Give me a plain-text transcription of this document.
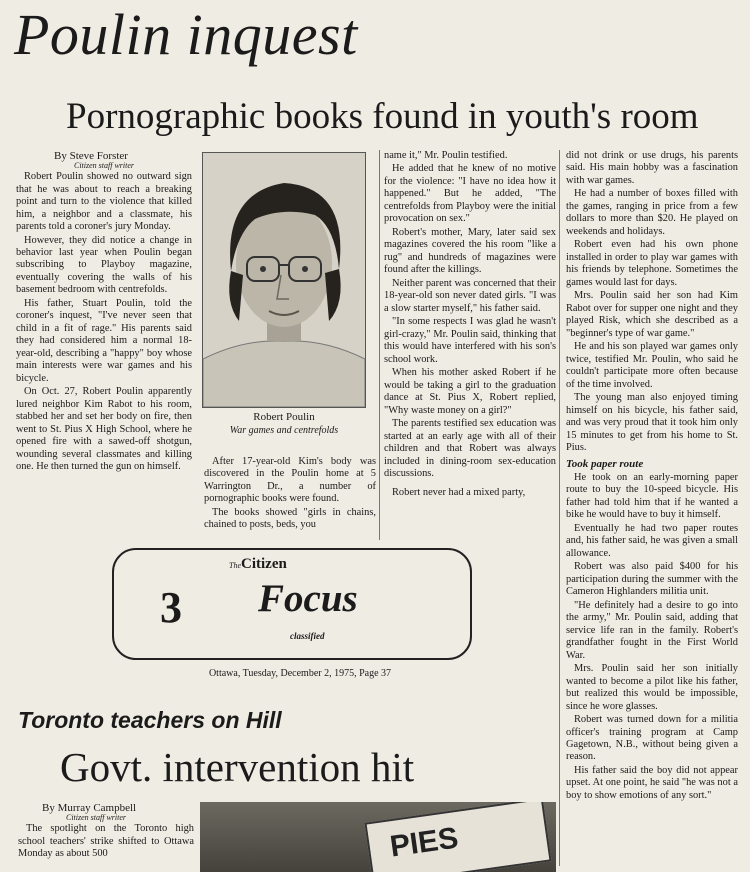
Poulin inquest
Pornographic books found in youth's room
By Steve Forster
Citizen staff writer

Robert Poulin showed no outward sign that he was about to reach a breaking point and turn to the violence that killed him, a neighbor and a classmate, his parents told a coroner's jury Monday.

However, they did notice a change in behavior last year when Poulin began subscribing to Playboy magazine, eventually covering the walls of his basement bedroom with centrefolds.

His father, Stuart Poulin, told the coroner's inquest, "I've never seen that child in a fit of rage." His parents said they had considered him a normal 18-year-old, describing a "happy" boy whose main interests were war games and his bicycle.

On Oct. 27, Robert Poulin apparently lured neighbor Kim Rabot to his room, stabbed her and set her body on fire, then went to St. Pius X High School, where he opened fire with a sawed-off shotgun, wounding several classmates and killing one. He then turned the gun on himself.

Robert Poulin
War games and centrefolds

After 17-year-old Kim's body was discovered in the Poulin home at 5 Warrington Dr., a number of pornographic books were found.

The books showed "girls in chains, chained to posts, beds, you

name it," Mr. Poulin testified.

He added that he knew of no motive for the violence: "I have no idea how it happened." But he added, "The centrefolds from Playboy were the initial provocation on sex."

Robert's mother, Mary, later said sex magazines covered the his room "like a rug" and hundreds of magazines were found after the killings.

Neither parent was concerned that their 18-year-old son never dated girls. "I was a slow starter myself," his father said.

"In some respects I was glad he wasn't girl-crazy," Mr. Poulin said, thinking that this would have interfered with his son's school work.

When his mother asked Robert if he would be taking a girl to the graduation dance at St. Pius X, Robert replied, "Why waste money on a girl?"

The parents testified sex education was started at an early age with all of their children and that Robert was always included in dining-room sex-education discussions.

Robert never had a mixed party,

did not drink or use drugs, his parents said. His main hobby was a fascination with war games.

He had a number of boxes filled with the games, ranging in price from a few dollars to more than $20. He played on weekends and holidays.

Robert even had his own phone installed in order to play war games with his friends by telephone. Sometimes the games would last for days.

Mrs. Poulin said her son had Kim Rabot over for supper one night and they played Risk, which she described as a "beginner's type of war game."

He and his son played war games only twice, testified Mr. Poulin, who said he couldn't participate more often because of the time involved.

The young man also enjoyed timing himself on his bicycle, his father said, and was very proud that it took him only 15 minutes to get from his home to St. Pius.

Took paper route

He took on an early-morning paper route to buy the 10-speed bicycle. His father had told him that if he wanted a bike he would have to buy it himself.

Eventually he had two paper routes and, his father said, he was given a small allowance.

Robert was also paid $400 for his participation during the summer with the Cameron Highlanders militia unit.

"He definitely had a desire to go into the army," Mr. Poulin said, adding that service life ran in the family. Robert's grandfather fought in the First World War.

Mrs. Poulin said her son initially wanted to become a pilot like his father, but realized this would be impossible, since he wore glasses.

Robert was turned down for a militia officer's training program at Camp Gagetown, N.B., without being given a reason.

His father said the boy did not appear upset. At one point, he said "he was not a boy to show emotions of any sort."

3
TheCitizen
Focus
classified
Ottawa, Tuesday, December 2, 1975, Page 37
Toronto teachers on Hill
Govt. intervention hit
By Murray Campbell
Citizen staff writer

The spotlight on the Toronto high school teachers' strike shifted to Ottawa Monday as about 500	PIES
